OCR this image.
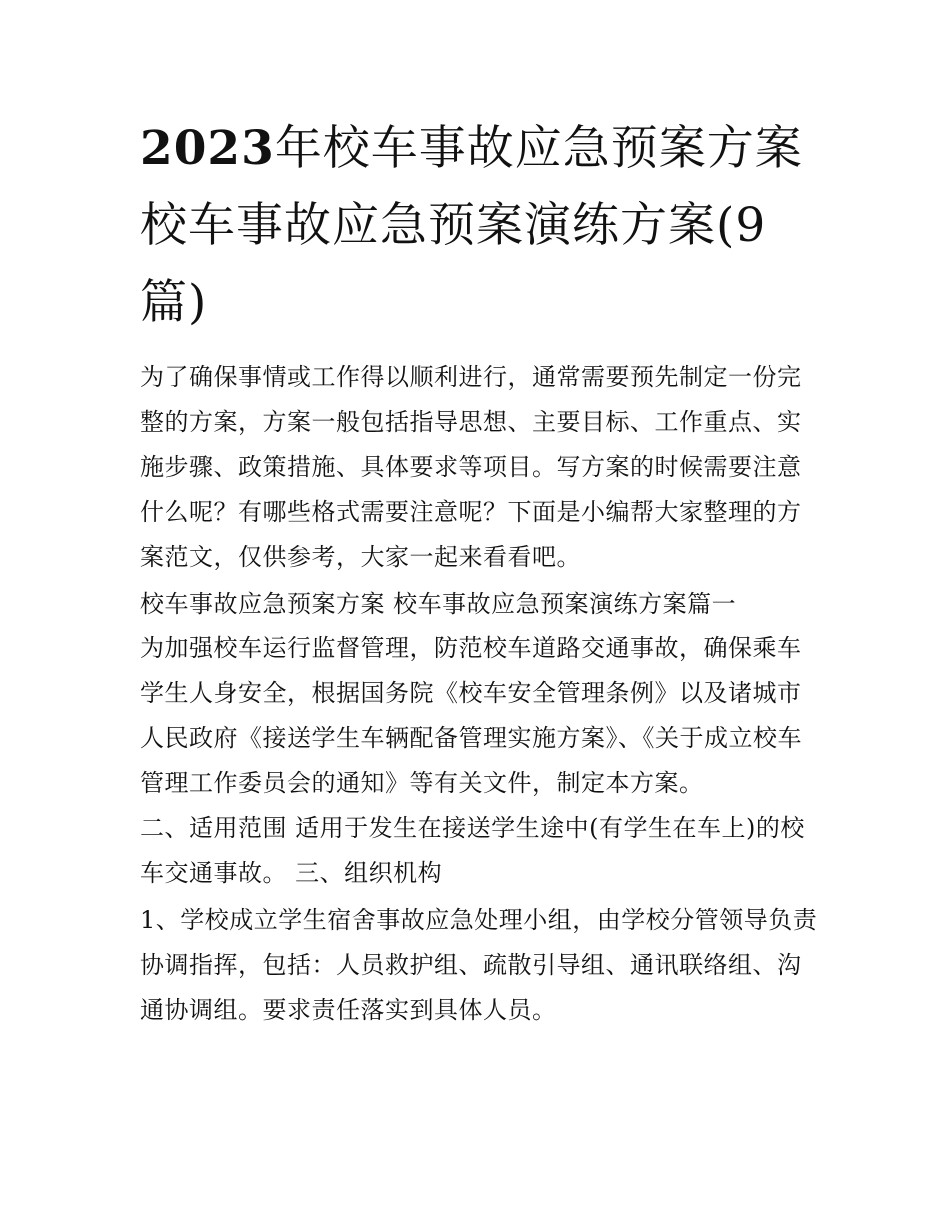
2023年校车事故应急预案方案 校车事故应急预案演练方案(9篇)

为了确保事情或工作得以顺利进行，通常需要预先制定一份完整的方案，方案一般包括指导思想、主要目标、工作重点、实施步骤、政策措施、具体要求等项目。写方案的时候需要注意什么呢？有哪些格式需要注意呢？下面是小编帮大家整理的方案范文，仅供参考，大家一起来看看吧。

校车事故应急预案方案 校车事故应急预案演练方案篇一

为加强校车运行监督管理，防范校车道路交通事故，确保乘车学生人身安全，根据国务院《校车安全管理条例》以及诸城市人民政府《接送学生车辆配备管理实施方案》、《关于成立校车管理工作委员会的通知》等有关文件，制定本方案。

二、适用范围 适用于发生在接送学生途中(有学生在车上)的校车交通事故。 三、组织机构

1、学校成立学生宿舍事故应急处理小组，由学校分管领导负责协调指挥，包括：人员救护组、疏散引导组、通讯联络组、沟通协调组。要求责任落实到具体人员。
